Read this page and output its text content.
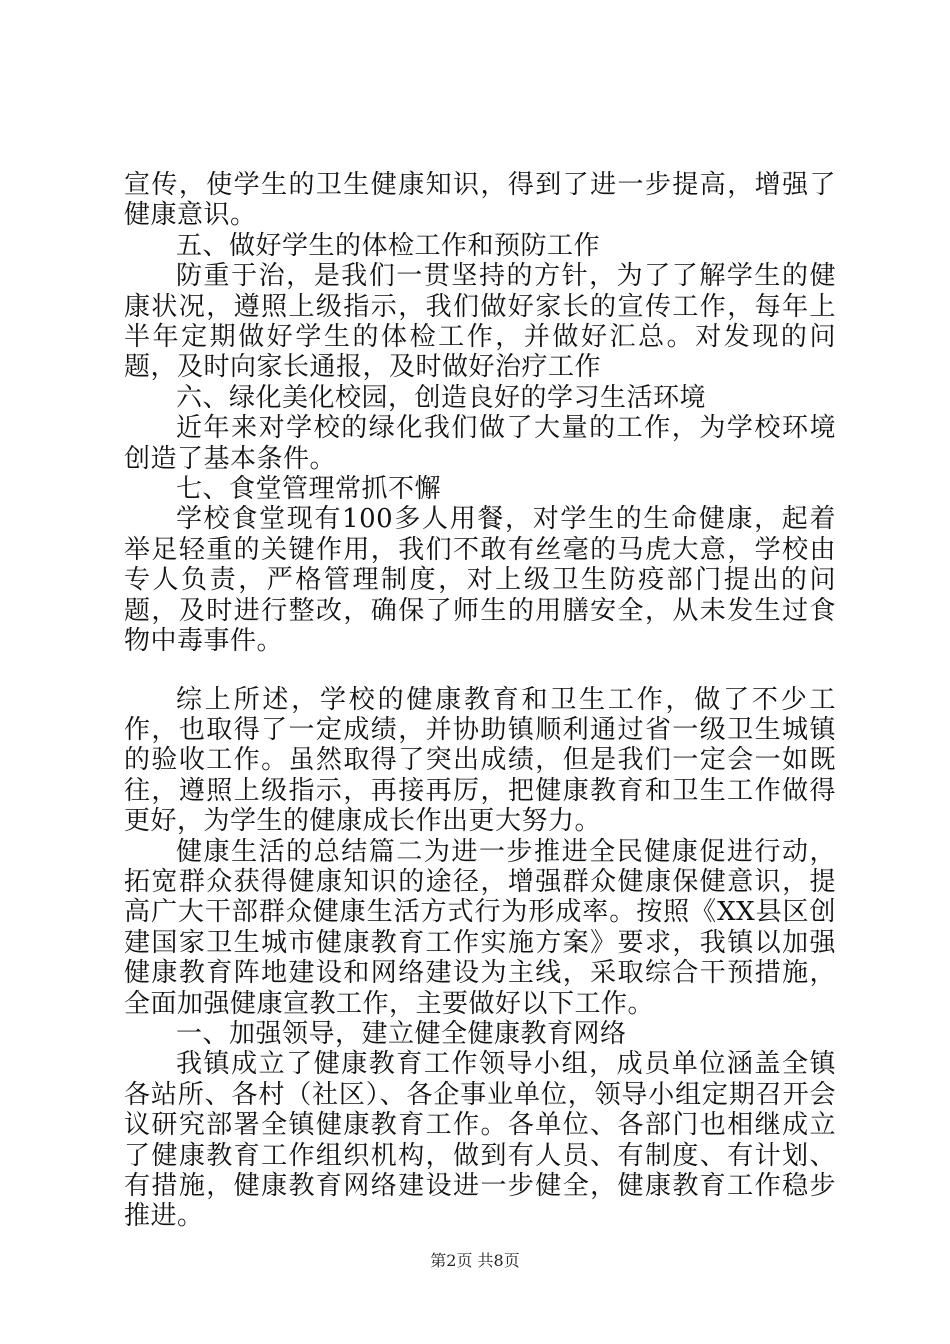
宣传，使学生的卫生健康知识，得到了进一步提高，增强了健康意识。

五、做好学生的体检工作和预防工作

防重于治，是我们一贯坚持的方针，为了了解学生的健康状况，遵照上级指示，我们做好家长的宣传工作，每年上半年定期做好学生的体检工作，并做好汇总。对发现的问题，及时向家长通报，及时做好治疗工作

六、绿化美化校园，创造良好的学习生活环境

近年来对学校的绿化我们做了大量的工作，为学校环境创造了基本条件。

七、食堂管理常抓不懈

学校食堂现有100多人用餐，对学生的生命健康，起着举足轻重的关键作用，我们不敢有丝毫的马虎大意，学校由专人负责，严格管理制度，对上级卫生防疫部门提出的问题，及时进行整改，确保了师生的用膳安全，从未发生过食物中毒事件。

综上所述，学校的健康教育和卫生工作，做了不少工作，也取得了一定成绩，并协助镇顺利通过省一级卫生城镇的验收工作。虽然取得了突出成绩，但是我们一定会一如既往，遵照上级指示，再接再厉，把健康教育和卫生工作做得更好，为学生的健康成长作出更大努力。

健康生活的总结篇二为进一步推进全民健康促进行动，拓宽群众获得健康知识的途径，增强群众健康保健意识，提高广大干部群众健康生活方式行为形成率。按照《XX县区创建国家卫生城市健康教育工作实施方案》要求，我镇以加强健康教育阵地建设和网络建设为主线，采取综合干预措施，全面加强健康宣教工作，主要做好以下工作。

一、加强领导，建立健全健康教育网络

我镇成立了健康教育工作领导小组，成员单位涵盖全镇各站所、各村（社区）、各企事业单位，领导小组定期召开会议研究部署全镇健康教育工作。各单位、各部门也相继成立了健康教育工作组织机构，做到有人员、有制度、有计划、有措施，健康教育网络建设进一步健全，健康教育工作稳步推进。

第2页 共8页
